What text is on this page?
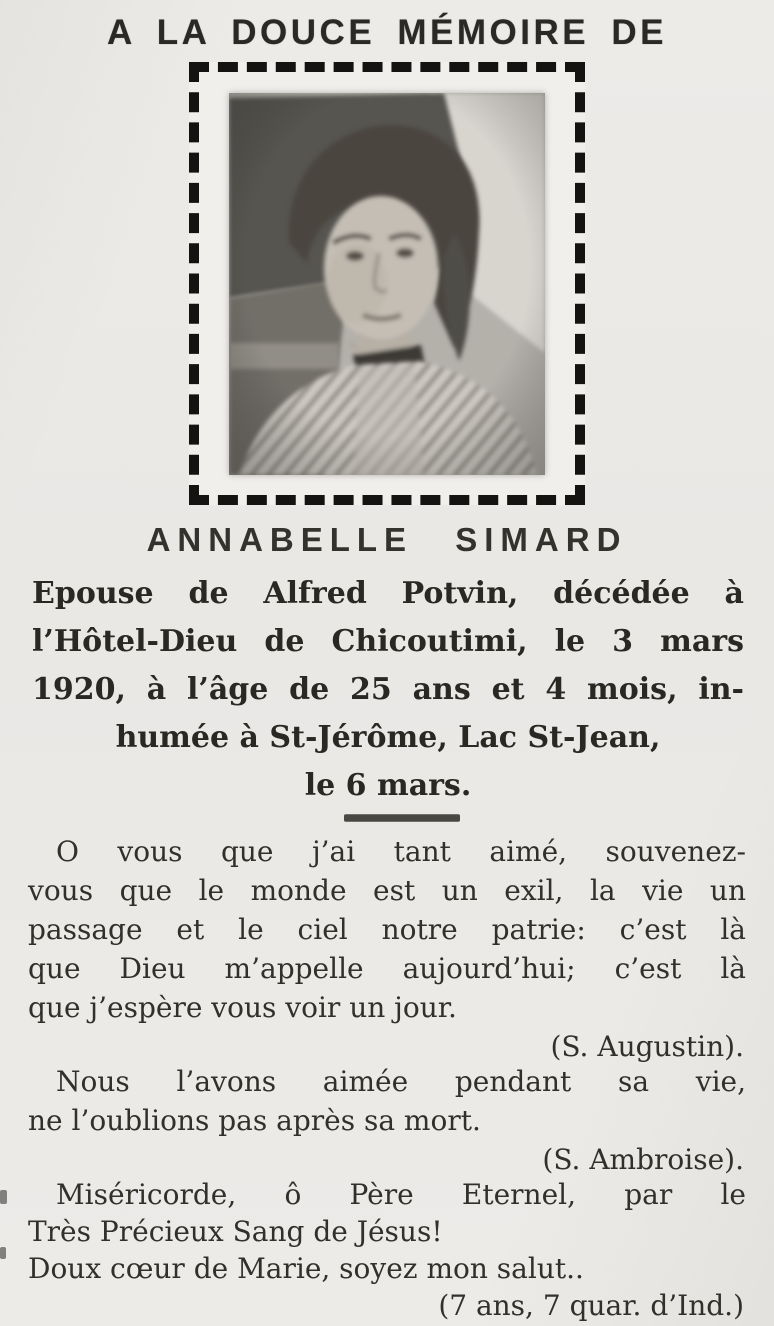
A LA DOUCE MÉMOIRE DE
ANNABELLE SIMARD
Epouse de Alfred Potvin, décédée à
l’Hôtel-Dieu de Chicoutimi, le 3 mars
1920, à l’âge de 25 ans et 4 mois, in-
humée à St-Jérôme, Lac St-Jean,
le 6 mars.
O vous que j’ai tant aimé, souvenez-
vous que le monde est un exil, la vie un
passage et le ciel notre patrie: c’est là
que Dieu m’appelle aujourd’hui; c’est là
que j’espère vous voir un jour.
(S. Augustin).
Nous l’avons aimée pendant sa vie,
ne l’oublions pas après sa mort.
(S. Ambroise).
Miséricorde, ô Père Eternel, par le
Très Précieux Sang de Jésus!
Doux cœur de Marie, soyez mon salut..
(7 ans, 7 quar. d’Ind.)
